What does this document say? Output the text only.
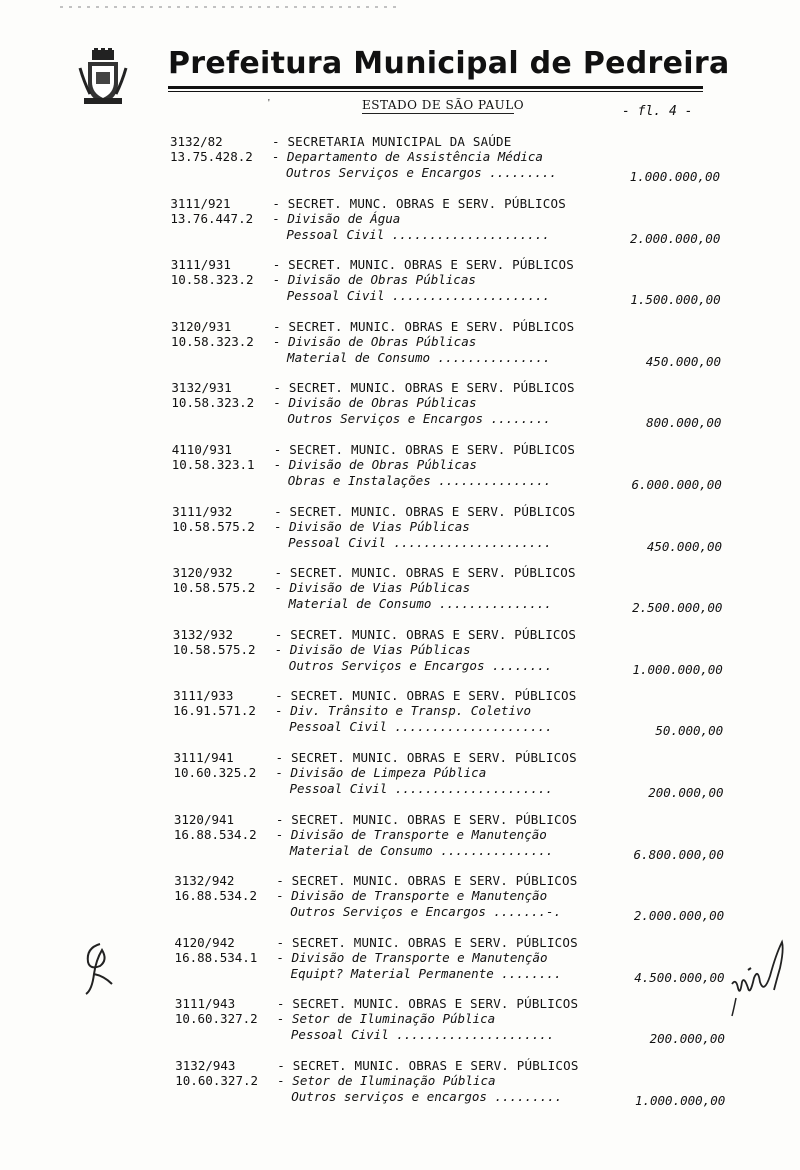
Prefeitura Municipal de Pedreira
'	ESTADO DE SÃO PAULO	- fl. 4 -
3132/82	- SECRETARIA MUNICIPAL DA SAÚDE
13.75.428.2 - Departamento de Assistência Médica
Outros Serviços e Encargos .........	1.000.000,00
3111/921	- SECRET. MUNC. OBRAS E SERV. PÚBLICOS
13.76.447.2 - Divisão de Água
Pessoal Civil .....................	2.000.000,00
3111/931	- SECRET. MUNIC. OBRAS E SERV. PÚBLICOS
10.58.323.2 - Divisão de Obras Públicas
Pessoal Civil .....................	1.500.000,00
3120/931	- SECRET. MUNIC. OBRAS E SERV. PÚBLICOS
10.58.323.2 - Divisão de Obras Públicas
Material de Consumo ...............	450.000,00
3132/931	- SECRET. MUNIC. OBRAS E SERV. PÚBLICOS
10.58.323.2 - Divisão de Obras Públicas
Outros Serviços e Encargos ........	800.000,00
4110/931	- SECRET. MUNIC. OBRAS E SERV. PÚBLICOS
10.58.323.1 - Divisão de Obras Públicas
Obras e Instalações ...............	6.000.000,00
3111/932	- SECRET. MUNIC. OBRAS E SERV. PÚBLICOS
10.58.575.2 - Divisão de Vias Públicas
Pessoal Civil .....................	450.000,00
3120/932	- SECRET. MUNIC. OBRAS E SERV. PÚBLICOS
10.58.575.2 - Divisão de Vias Públicas
Material de Consumo ...............	2.500.000,00
3132/932	- SECRET. MUNIC. OBRAS E SERV. PÚBLICOS
10.58.575.2 - Divisão de Vias Públicas
Outros Serviços e Encargos ........	1.000.000,00
3111/933	- SECRET. MUNIC. OBRAS E SERV. PÚBLICOS
16.91.571.2 - Div. Trânsito e Transp. Coletivo
Pessoal Civil .....................	50.000,00
3111/941	- SECRET. MUNIC. OBRAS E SERV. PÚBLICOS
10.60.325.2 - Divisão de Limpeza Pública
Pessoal Civil .....................	200.000,00
3120/941	- SECRET. MUNIC. OBRAS E SERV. PÚBLICOS
16.88.534.2 - Divisão de Transporte e Manutenção
Material de Consumo ...............	6.800.000,00
3132/942	- SECRET. MUNIC. OBRAS E SERV. PÚBLICOS
16.88.534.2 - Divisão de Transporte e Manutenção
Outros Serviços e Encargos .......-.	2.000.000,00
4120/942	- SECRET. MUNIC. OBRAS E SERV. PÚBLICOS
16.88.534.1 - Divisão de Transporte e Manutenção
Equipt? Material Permanente ........	4.500.000,00
3111/943	- SECRET. MUNIC. OBRAS E SERV. PÚBLICOS
10.60.327.2 - Setor de Iluminação Pública
Pessoal Civil .....................	200.000,00
3132/943	- SECRET. MUNIC. OBRAS E SERV. PÚBLICOS
10.60.327.2 - Setor de Iluminação Pública
Outros serviços e encargos .........	1.000.000,00
